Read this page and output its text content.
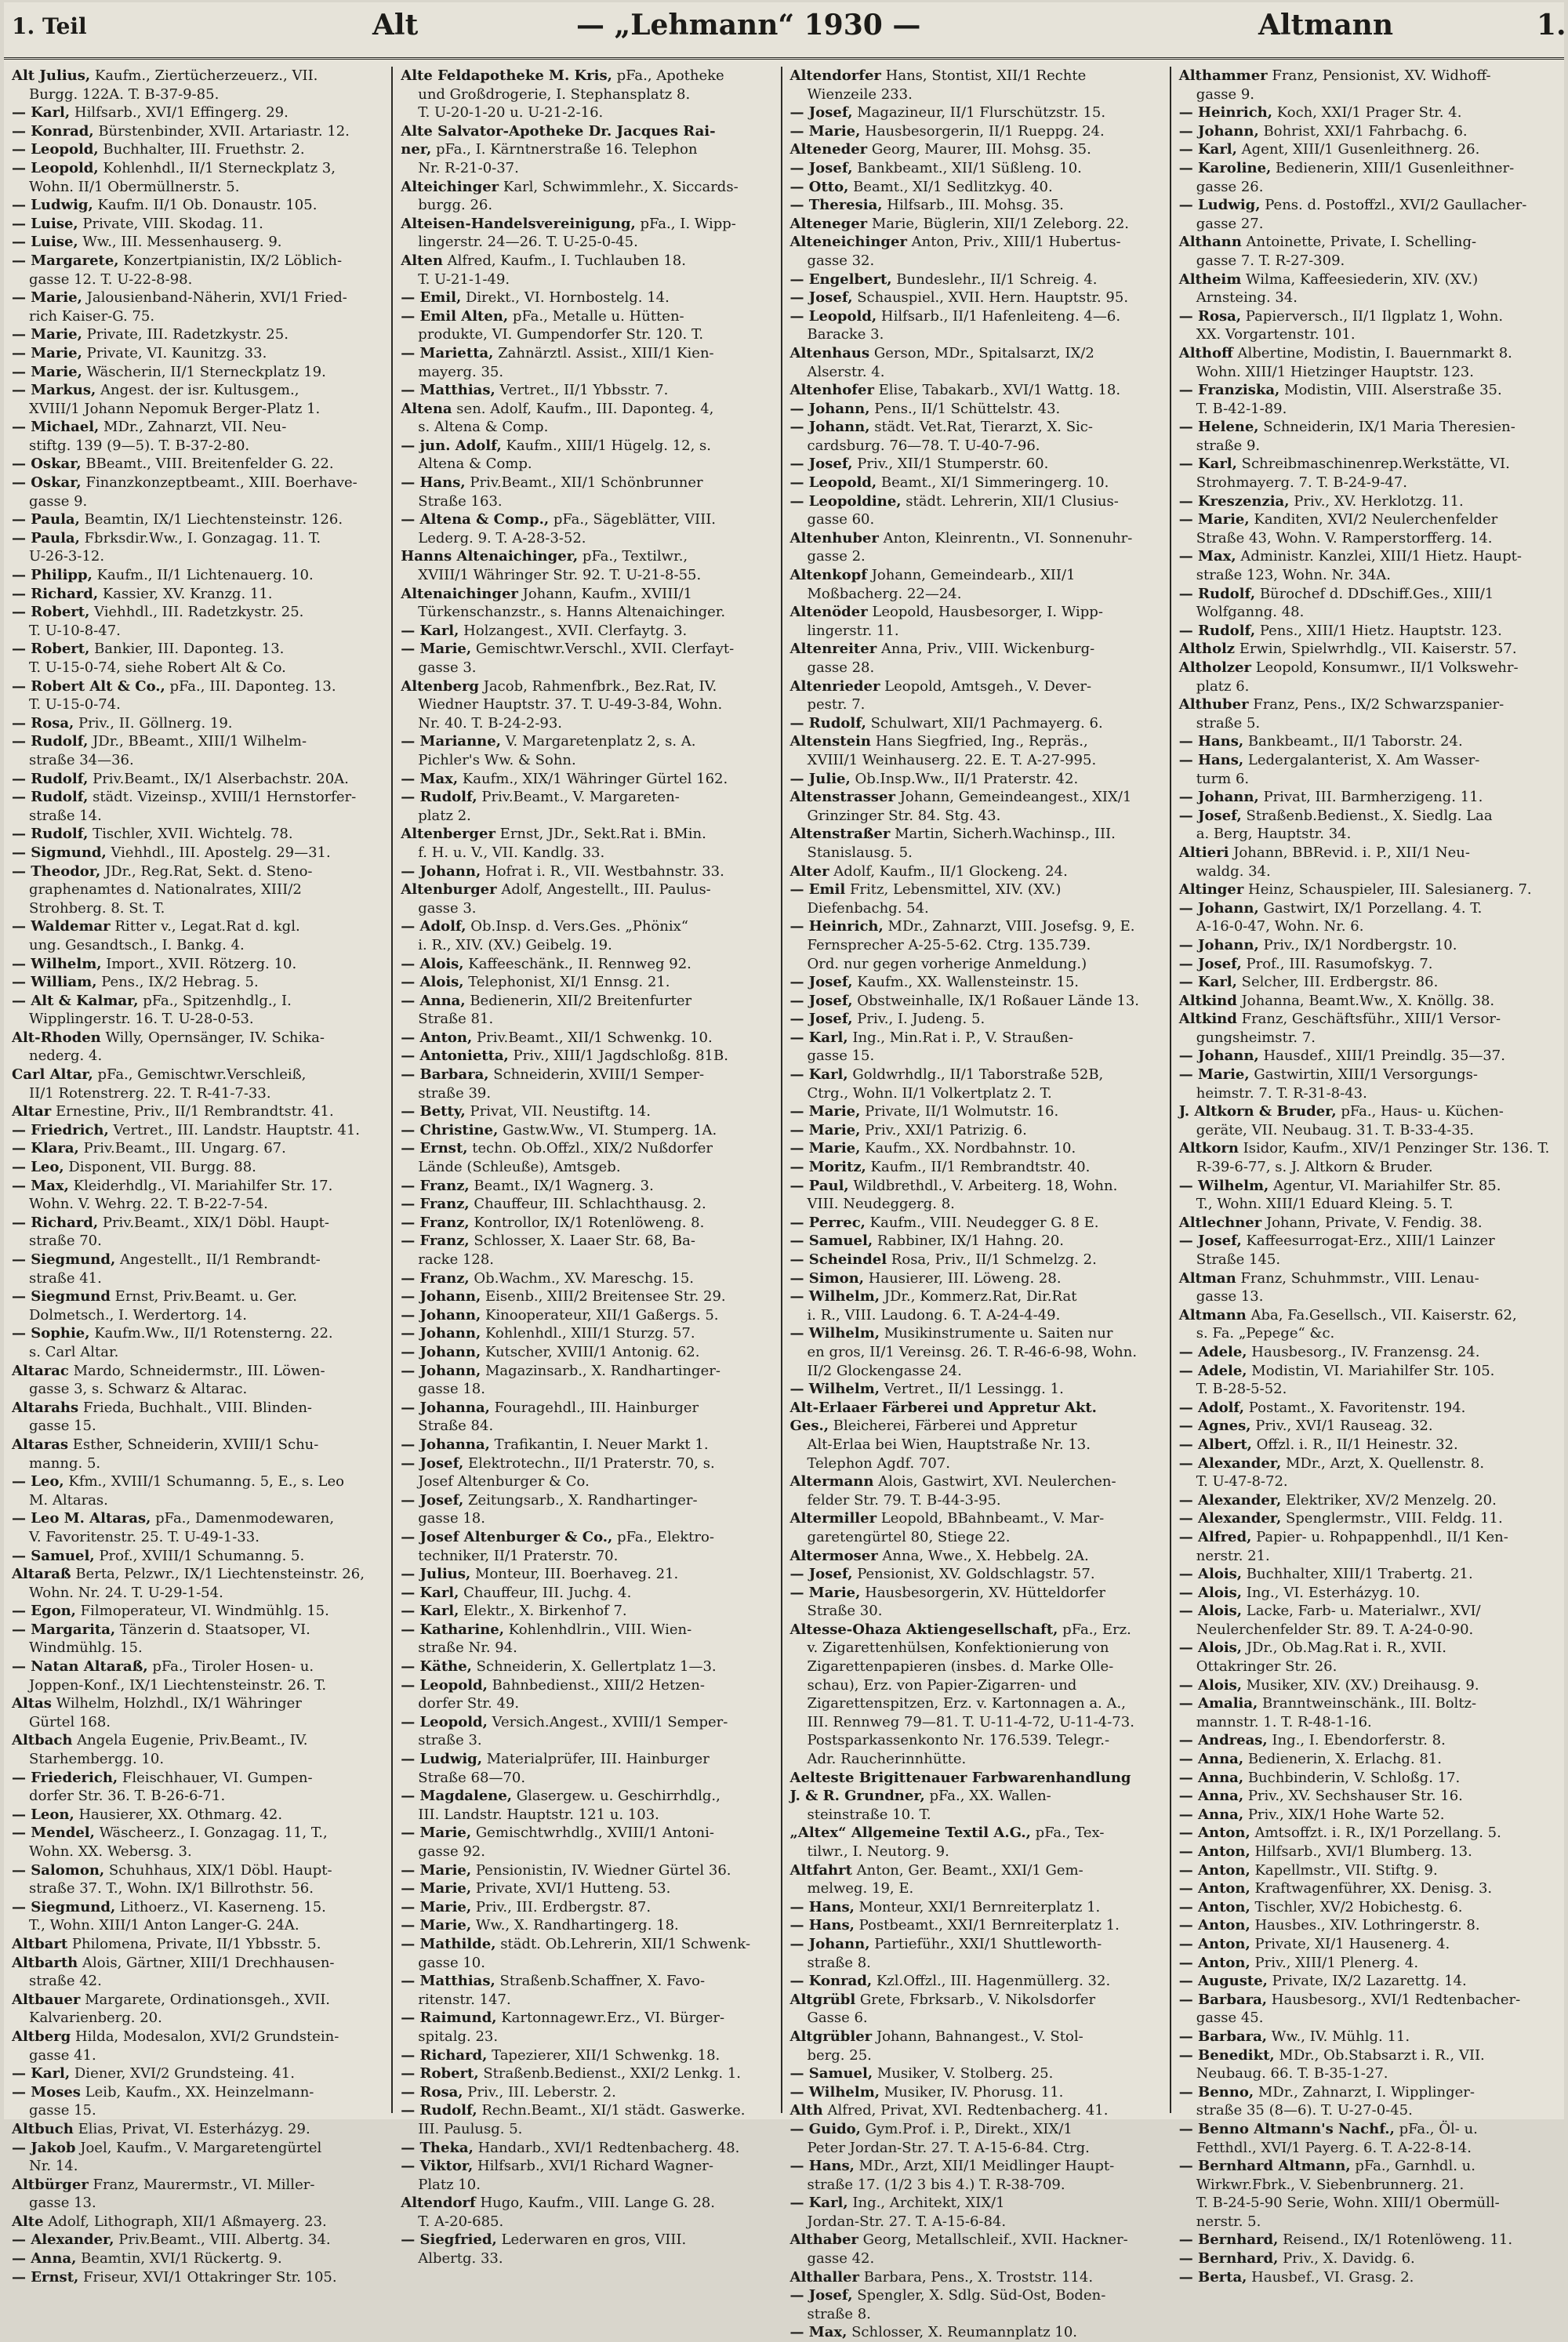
1. Teil	Alt	— „Lehmann“ 1930 —	Altmann	1.
Alt Julius, Kaufm., Ziertücherzeuerz., VII.
Burgg. 122A. T. B-37-9-85.
— Karl, Hilfsarb., XVI/1 Effingerg. 29.
— Konrad, Bürstenbinder, XVII. Artariastr. 12.
— Leopold, Buchhalter, III. Fruethstr. 2.
— Leopold, Kohlenhdl., II/1 Sterneckplatz 3,
Wohn. II/1 Obermüllnerstr. 5.
— Ludwig, Kaufm. II/1 Ob. Donaustr. 105.
— Luise, Private, VIII. Skodag. 11.
— Luise, Ww., III. Messenhauserg. 9.
— Margarete, Konzertpianistin, IX/2 Löblich-
gasse 12. T. U-22-8-98.
— Marie, Jalousienband-Näherin, XVI/1 Fried-
rich Kaiser-G. 75.
— Marie, Private, III. Radetzkystr. 25.
— Marie, Private, VI. Kaunitzg. 33.
— Marie, Wäscherin, II/1 Sterneckplatz 19.
— Markus, Angest. der isr. Kultusgem.,
XVIII/1 Johann Nepomuk Berger-Platz 1.
— Michael, MDr., Zahnarzt, VII. Neu-
stiftg. 139 (9—5). T. B-37-2-80.
— Oskar, BBeamt., VIII. Breitenfelder G. 22.
— Oskar, Finanzkonzeptbeamt., XIII. Boerhave-
gasse 9.
— Paula, Beamtin, IX/1 Liechtensteinstr. 126.
— Paula, Fbrksdir.Ww., I. Gonzagag. 11. T.
U-26-3-12.
— Philipp, Kaufm., II/1 Lichtenauerg. 10.
— Richard, Kassier, XV. Kranzg. 11.
— Robert, Viehhdl., III. Radetzkystr. 25.
T. U-10-8-47.
— Robert, Bankier, III. Daponteg. 13.
T. U-15-0-74, siehe Robert Alt & Co.
— Robert Alt & Co., pFa., III. Daponteg. 13.
T. U-15-0-74.
— Rosa, Priv., II. Göllnerg. 19.
— Rudolf, JDr., BBeamt., XIII/1 Wilhelm-
straße 34—36.
— Rudolf, Priv.Beamt., IX/1 Alserbachstr. 20A.
— Rudolf, städt. Vizeinsp., XVIII/1 Hernstorfer-
straße 14.
— Rudolf, Tischler, XVII. Wichtelg. 78.
— Sigmund, Viehhdl., III. Apostelg. 29—31.
— Theodor, JDr., Reg.Rat, Sekt. d. Steno-
graphenamtes d. Nationalrates, XIII/2
Strohberg. 8. St. T.
— Waldemar Ritter v., Legat.Rat d. kgl.
ung. Gesandtsch., I. Bankg. 4.
— Wilhelm, Import., XVII. Rötzerg. 10.
— William, Pens., IX/2 Hebrag. 5.
— Alt & Kalmar, pFa., Spitzenhdlg., I.
Wipplingerstr. 16. T. U-28-0-53.
Alt-Rhoden Willy, Opernsänger, IV. Schika-
nederg. 4.
Carl Altar, pFa., Gemischtwr.Verschleiß,
II/1 Rotenstrerg. 22. T. R-41-7-33.
Altar Ernestine, Priv., II/1 Rembrandtstr. 41.
— Friedrich, Vertret., III. Landstr. Hauptstr. 41.
— Klara, Priv.Beamt., III. Ungarg. 67.
— Leo, Disponent, VII. Burgg. 88.
— Max, Kleiderhdlg., VI. Mariahilfer Str. 17.
Wohn. V. Wehrg. 22. T. B-22-7-54.
— Richard, Priv.Beamt., XIX/1 Döbl. Haupt-
straße 70.
— Siegmund, Angestellt., II/1 Rembrandt-
straße 41.
— Siegmund Ernst, Priv.Beamt. u. Ger.
Dolmetsch., I. Werdertorg. 14.
— Sophie, Kaufm.Ww., II/1 Rotensterng. 22.
s. Carl Altar.
Altarac Mardo, Schneidermstr., III. Löwen-
gasse 3, s. Schwarz & Altarac.
Altarahs Frieda, Buchhalt., VIII. Blinden-
gasse 15.
Altaras Esther, Schneiderin, XVIII/1 Schu-
manng. 5.
— Leo, Kfm., XVIII/1 Schumanng. 5, E., s. Leo
M. Altaras.
— Leo M. Altaras, pFa., Damenmodewaren,
V. Favoritenstr. 25. T. U-49-1-33.
— Samuel, Prof., XVIII/1 Schumanng. 5.
Altaraß Berta, Pelzwr., IX/1 Liechtensteinstr. 26,
Wohn. Nr. 24. T. U-29-1-54.
— Egon, Filmoperateur, VI. Windmühlg. 15.
— Margarita, Tänzerin d. Staatsoper, VI.
Windmühlg. 15.
— Natan Altaraß, pFa., Tiroler Hosen- u.
Joppen-Konf., IX/1 Liechtensteinstr. 26. T.
Altas Wilhelm, Holzhdl., IX/1 Währinger
Gürtel 168.
Altbach Angela Eugenie, Priv.Beamt., IV.
Starhembergg. 10.
— Friederich, Fleischhauer, VI. Gumpen-
dorfer Str. 36. T. B-26-6-71.
— Leon, Hausierer, XX. Othmarg. 42.
— Mendel, Wäscheerz., I. Gonzagag. 11, T.,
Wohn. XX. Webersg. 3.
— Salomon, Schuhhaus, XIX/1 Döbl. Haupt-
straße 37. T., Wohn. IX/1 Billrothstr. 56.
— Siegmund, Lithoerz., VI. Kaserneng. 15.
T., Wohn. XIII/1 Anton Langer-G. 24A.
Altbart Philomena, Private, II/1 Ybbsstr. 5.
Altbarth Alois, Gärtner, XIII/1 Drechhausen-
straße 42.
Altbauer Margarete, Ordinationsgeh., XVII.
Kalvarienberg. 20.
Altberg Hilda, Modesalon, XVI/2 Grundstein-
gasse 41.
— Karl, Diener, XVI/2 Grundsteing. 41.
— Moses Leib, Kaufm., XX. Heinzelmann-
gasse 15.
Altbuch Elias, Privat, VI. Esterházyg. 29.
— Jakob Joel, Kaufm., V. Margaretengürtel
Nr. 14.
Altbürger Franz, Maurermstr., VI. Miller-
gasse 13.
Alte Adolf, Lithograph, XII/1 Aßmayerg. 23.
— Alexander, Priv.Beamt., VIII. Albertg. 34.
— Anna, Beamtin, XVI/1 Rückertg. 9.
— Ernst, Friseur, XVI/1 Ottakringer Str. 105.
Alte Feldapotheke M. Kris, pFa., Apotheke
und Großdrogerie, I. Stephansplatz 8.
T. U-20-1-20 u. U-21-2-16.
Alte Salvator-Apotheke Dr. Jacques Rai-
ner, pFa., I. Kärntnerstraße 16. Telephon
Nr. R-21-0-37.
Alteichinger Karl, Schwimmlehr., X. Siccards-
burgg. 26.
Alteisen-Handelsvereinigung, pFa., I. Wipp-
lingerstr. 24—26. T. U-25-0-45.
Alten Alfred, Kaufm., I. Tuchlauben 18.
T. U-21-1-49.
— Emil, Direkt., VI. Hornbostelg. 14.
— Emil Alten, pFa., Metalle u. Hütten-
produkte, VI. Gumpendorfer Str. 120. T.
— Marietta, Zahnärztl. Assist., XIII/1 Kien-
mayerg. 35.
— Matthias, Vertret., II/1 Ybbsstr. 7.
Altena sen. Adolf, Kaufm., III. Daponteg. 4,
s. Altena & Comp.
— jun. Adolf, Kaufm., XIII/1 Hügelg. 12, s.
Altena & Comp.
— Hans, Priv.Beamt., XII/1 Schönbrunner
Straße 163.
— Altena & Comp., pFa., Sägeblätter, VIII.
Lederg. 9. T. A-28-3-52.
Hanns Altenaichinger, pFa., Textilwr.,
XVIII/1 Währinger Str. 92. T. U-21-8-55.
Altenaichinger Johann, Kaufm., XVIII/1
Türkenschanzstr., s. Hanns Altenaichinger.
— Karl, Holzangest., XVII. Clerfaytg. 3.
— Marie, Gemischtwr.Verschl., XVII. Clerfayt-
gasse 3.
Altenberg Jacob, Rahmenfbrk., Bez.Rat, IV.
Wiedner Hauptstr. 37. T. U-49-3-84, Wohn.
Nr. 40. T. B-24-2-93.
— Marianne, V. Margaretenplatz 2, s. A.
Pichler's Ww. & Sohn.
— Max, Kaufm., XIX/1 Währinger Gürtel 162.
— Rudolf, Priv.Beamt., V. Margareten-
platz 2.
Altenberger Ernst, JDr., Sekt.Rat i. BMin.
f. H. u. V., VII. Kandlg. 33.
— Johann, Hofrat i. R., VII. Westbahnstr. 33.
Altenburger Adolf, Angestellt., III. Paulus-
gasse 3.
— Adolf, Ob.Insp. d. Vers.Ges. „Phönix“
i. R., XIV. (XV.) Geibelg. 19.
— Alois, Kaffeeschänk., II. Rennweg 92.
— Alois, Telephonist, XI/1 Ennsg. 21.
— Anna, Bedienerin, XII/2 Breitenfurter
Straße 81.
— Anton, Priv.Beamt., XII/1 Schwenkg. 10.
— Antonietta, Priv., XIII/1 Jagdschloßg. 81B.
— Barbara, Schneiderin, XVIII/1 Semper-
straße 39.
— Betty, Privat, VII. Neustiftg. 14.
— Christine, Gastw.Ww., VI. Stumperg. 1A.
— Ernst, techn. Ob.Offzl., XIX/2 Nußdorfer
Lände (Schleuße), Amtsgeb.
— Franz, Beamt., IX/1 Wagnerg. 3.
— Franz, Chauffeur, III. Schlachthausg. 2.
— Franz, Kontrollor, IX/1 Rotenlöweng. 8.
— Franz, Schlosser, X. Laaer Str. 68, Ba-
racke 128.
— Franz, Ob.Wachm., XV. Mareschg. 15.
— Johann, Eisenb., XIII/2 Breitensee Str. 29.
— Johann, Kinooperateur, XII/1 Gaßergs. 5.
— Johann, Kohlenhdl., XIII/1 Sturzg. 57.
— Johann, Kutscher, XVIII/1 Antonig. 62.
— Johann, Magazinsarb., X. Randhartinger-
gasse 18.
— Johanna, Fouragehdl., III. Hainburger
Straße 84.
— Johanna, Trafikantin, I. Neuer Markt 1.
— Josef, Elektrotechn., II/1 Praterstr. 70, s.
Josef Altenburger & Co.
— Josef, Zeitungsarb., X. Randhartinger-
gasse 18.
— Josef Altenburger & Co., pFa., Elektro-
techniker, II/1 Praterstr. 70.
— Julius, Monteur, III. Boerhaveg. 21.
— Karl, Chauffeur, III. Juchg. 4.
— Karl, Elektr., X. Birkenhof 7.
— Katharine, Kohlenhdlrin., VIII. Wien-
straße Nr. 94.
— Käthe, Schneiderin, X. Gellertplatz 1—3.
— Leopold, Bahnbedienst., XIII/2 Hetzen-
dorfer Str. 49.
— Leopold, Versich.Angest., XVIII/1 Semper-
straße 3.
— Ludwig, Materialprüfer, III. Hainburger
Straße 68—70.
— Magdalene, Glasergew. u. Geschirrhdlg.,
III. Landstr. Hauptstr. 121 u. 103.
— Marie, Gemischtwrhdlg., XVIII/1 Antoni-
gasse 92.
— Marie, Pensionistin, IV. Wiedner Gürtel 36.
— Marie, Private, XVI/1 Hutteng. 53.
— Marie, Priv., III. Erdbergstr. 87.
— Marie, Ww., X. Randhartingerg. 18.
— Mathilde, städt. Ob.Lehrerin, XII/1 Schwenk-
gasse 10.
— Matthias, Straßenb.Schaffner, X. Favo-
ritenstr. 147.
— Raimund, Kartonnagewr.Erz., VI. Bürger-
spitalg. 23.
— Richard, Tapezierer, XII/1 Schwenkg. 18.
— Robert, Straßenb.Bedienst., XXI/2 Lenkg. 1.
— Rosa, Priv., III. Leberstr. 2.
— Rudolf, Rechn.Beamt., XI/1 städt. Gaswerke.
III. Paulusg. 5.
— Theka, Handarb., XVI/1 Redtenbacherg. 48.
— Viktor, Hilfsarb., XVI/1 Richard Wagner-
Platz 10.
Altendorf Hugo, Kaufm., VIII. Lange G. 28.
T. A-20-685.
— Siegfried, Lederwaren en gros, VIII.
Albertg. 33.
Altendorfer Hans, Stontist, XII/1 Rechte
Wienzeile 233.
— Josef, Magazineur, II/1 Flurschützstr. 15.
— Marie, Hausbesorgerin, II/1 Rueppg. 24.
Alteneder Georg, Maurer, III. Mohsg. 35.
— Josef, Bankbeamt., XII/1 Süßleng. 10.
— Otto, Beamt., XI/1 Sedlitzkyg. 40.
— Theresia, Hilfsarb., III. Mohsg. 35.
Alteneger Marie, Büglerin, XII/1 Zeleborg. 22.
Alteneichinger Anton, Priv., XIII/1 Hubertus-
gasse 32.
— Engelbert, Bundeslehr., II/1 Schreig. 4.
— Josef, Schauspiel., XVII. Hern. Hauptstr. 95.
— Leopold, Hilfsarb., II/1 Hafenleiteng. 4—6.
Baracke 3.
Altenhaus Gerson, MDr., Spitalsarzt, IX/2
Alserstr. 4.
Altenhofer Elise, Tabakarb., XVI/1 Wattg. 18.
— Johann, Pens., II/1 Schüttelstr. 43.
— Johann, städt. Vet.Rat, Tierarzt, X. Sic-
cardsburg. 76—78. T. U-40-7-96.
— Josef, Priv., XII/1 Stumperstr. 60.
— Leopold, Beamt., XI/1 Simmeringerg. 10.
— Leopoldine, städt. Lehrerin, XII/1 Clusius-
gasse 60.
Altenhuber Anton, Kleinrentn., VI. Sonnenuhr-
gasse 2.
Altenkopf Johann, Gemeindearb., XII/1
Moßbacherg. 22—24.
Altenöder Leopold, Hausbesorger, I. Wipp-
lingerstr. 11.
Altenreiter Anna, Priv., VIII. Wickenburg-
gasse 28.
Altenrieder Leopold, Amtsgeh., V. Dever-
pestr. 7.
— Rudolf, Schulwart, XII/1 Pachmayerg. 6.
Altenstein Hans Siegfried, Ing., Repräs.,
XVIII/1 Weinhauserg. 22. E. T. A-27-995.
— Julie, Ob.Insp.Ww., II/1 Praterstr. 42.
Altenstrasser Johann, Gemeindeangest., XIX/1
Grinzinger Str. 84. Stg. 43.
Altenstraßer Martin, Sicherh.Wachinsp., III.
Stanislausg. 5.
Alter Adolf, Kaufm., II/1 Glockeng. 24.
— Emil Fritz, Lebensmittel, XIV. (XV.)
Diefenbachg. 54.
— Heinrich, MDr., Zahnarzt, VIII. Josefsg. 9, E.
Fernsprecher A-25-5-62. Ctrg. 135.739.
Ord. nur gegen vorherige Anmeldung.)
— Josef, Kaufm., XX. Wallensteinstr. 15.
— Josef, Obstweinhalle, IX/1 Roßauer Lände 13.
— Josef, Priv., I. Judeng. 5.
— Karl, Ing., Min.Rat i. P., V. Straußen-
gasse 15.
— Karl, Goldwrhdlg., II/1 Taborstraße 52B,
Ctrg., Wohn. II/1 Volkertplatz 2. T.
— Marie, Private, II/1 Wolmutstr. 16.
— Marie, Priv., XXI/1 Patrizig. 6.
— Marie, Kaufm., XX. Nordbahnstr. 10.
— Moritz, Kaufm., II/1 Rembrandtstr. 40.
— Paul, Wildbrethdl., V. Arbeiterg. 18, Wohn.
VIII. Neudeggerg. 8.
— Perrec, Kaufm., VIII. Neudegger G. 8 E.
— Samuel, Rabbiner, IX/1 Hahng. 20.
— Scheindel Rosa, Priv., II/1 Schmelzg. 2.
— Simon, Hausierer, III. Löweng. 28.
— Wilhelm, JDr., Kommerz.Rat, Dir.Rat
i. R., VIII. Laudong. 6. T. A-24-4-49.
— Wilhelm, Musikinstrumente u. Saiten nur
en gros, II/1 Vereinsg. 26. T. R-46-6-98, Wohn.
II/2 Glockengasse 24.
— Wilhelm, Vertret., II/1 Lessingg. 1.
Alt-Erlaaer Färberei und Appretur Akt.
Ges., Bleicherei, Färberei und Appretur
Alt-Erlaa bei Wien, Hauptstraße Nr. 13.
Telephon Agdf. 707.
Altermann Alois, Gastwirt, XVI. Neulerchen-
felder Str. 79. T. B-44-3-95.
Altermiller Leopold, BBahnbeamt., V. Mar-
garetengürtel 80, Stiege 22.
Altermoser Anna, Wwe., X. Hebbelg. 2A.
— Josef, Pensionist, XV. Goldschlagstr. 57.
— Marie, Hausbesorgerin, XV. Hütteldorfer
Straße 30.
Altesse-Ohaza Aktiengesellschaft, pFa., Erz.
v. Zigarettenhülsen, Konfektionierung von
Zigarettenpapieren (insbes. d. Marke Olle-
schau), Erz. von Papier-Zigarren- und
Zigarettenspitzen, Erz. v. Kartonnagen a. A.,
III. Rennweg 79—81. T. U-11-4-72, U-11-4-73.
Postsparkassenkonto Nr. 176.539. Telegr.-
Adr. Raucherinnhütte.
Aelteste Brigittenauer Farbwarenhandlung
J. & R. Grundner, pFa., XX. Wallen-
steinstraße 10. T.
„Altex“ Allgemeine Textil A.G., pFa., Tex-
tilwr., I. Neutorg. 9.
Altfahrt Anton, Ger. Beamt., XXI/1 Gem-
melweg. 19, E.
— Hans, Monteur, XXI/1 Bernreiterplatz 1.
— Hans, Postbeamt., XXI/1 Bernreiterplatz 1.
— Johann, Partieführ., XXI/1 Shuttleworth-
straße 8.
— Konrad, Kzl.Offzl., III. Hagenmüllerg. 32.
Altgrübl Grete, Fbrksarb., V. Nikolsdorfer
Gasse 6.
Altgrübler Johann, Bahnangest., V. Stol-
berg. 25.
— Samuel, Musiker, V. Stolberg. 25.
— Wilhelm, Musiker, IV. Phorusg. 11.
Alth Alfred, Privat, XVI. Redtenbacherg. 41.
— Guido, Gym.Prof. i. P., Direkt., XIX/1
Peter Jordan-Str. 27. T. A-15-6-84. Ctrg.
— Hans, MDr., Arzt, XII/1 Meidlinger Haupt-
straße 17. (1/2 3 bis 4.) T. R-38-709.
— Karl, Ing., Architekt, XIX/1
Jordan-Str. 27. T. A-15-6-84.
Althaber Georg, Metallschleif., XVII. Hackner-
gasse 42.
Althaller Barbara, Pens., X. Troststr. 114.
— Josef, Spengler, X. Sdlg. Süd-Ost, Boden-
straße 8.
— Max, Schlosser, X. Reumannplatz 10.
Althammer Franz, Pensionist, XV. Widhoff-
gasse 9.
— Heinrich, Koch, XXI/1 Prager Str. 4.
— Johann, Bohrist, XXI/1 Fahrbachg. 6.
— Karl, Agent, XIII/1 Gusenleithnerg. 26.
— Karoline, Bedienerin, XIII/1 Gusenleithner-
gasse 26.
— Ludwig, Pens. d. Postoffzl., XVI/2 Gaullacher-
gasse 27.
Althann Antoinette, Private, I. Schelling-
gasse 7. T. R-27-309.
Altheim Wilma, Kaffeesiederin, XIV. (XV.)
Arnsteing. 34.
— Rosa, Papierversch., II/1 Ilgplatz 1, Wohn.
XX. Vorgartenstr. 101.
Althoff Albertine, Modistin, I. Bauernmarkt 8.
Wohn. XIII/1 Hietzinger Hauptstr. 123.
— Franziska, Modistin, VIII. Alserstraße 35.
T. B-42-1-89.
— Helene, Schneiderin, IX/1 Maria Theresien-
straße 9.
— Karl, Schreibmaschinenrep.Werkstätte, VI.
Strohmayerg. 7. T. B-24-9-47.
— Kreszenzia, Priv., XV. Herklotzg. 11.
— Marie, Kanditen, XVI/2 Neulerchenfelder
Straße 43, Wohn. V. Ramperstorfferg. 14.
— Max, Administr. Kanzlei, XIII/1 Hietz. Haupt-
straße 123, Wohn. Nr. 34A.
— Rudolf, Bürochef d. DDschiff.Ges., XIII/1
Wolfganng. 48.
— Rudolf, Pens., XIII/1 Hietz. Hauptstr. 123.
Altholz Erwin, Spielwrhdlg., VII. Kaiserstr. 57.
Altholzer Leopold, Konsumwr., II/1 Volkswehr-
platz 6.
Althuber Franz, Pens., IX/2 Schwarzspanier-
straße 5.
— Hans, Bankbeamt., II/1 Taborstr. 24.
— Hans, Ledergalanterist, X. Am Wasser-
turm 6.
— Johann, Privat, III. Barmherzigeng. 11.
— Josef, Straßenb.Bedienst., X. Siedlg. Laa
a. Berg, Hauptstr. 34.
Altieri Johann, BBRevid. i. P., XII/1 Neu-
waldg. 34.
Altinger Heinz, Schauspieler, III. Salesianerg. 7.
— Johann, Gastwirt, IX/1 Porzellang. 4. T.
A-16-0-47, Wohn. Nr. 6.
— Johann, Priv., IX/1 Nordbergstr. 10.
— Josef, Prof., III. Rasumofskyg. 7.
— Karl, Selcher, III. Erdbergstr. 86.
Altkind Johanna, Beamt.Ww., X. Knöllg. 38.
Altkind Franz, Geschäftsführ., XIII/1 Versor-
gungsheimstr. 7.
— Johann, Hausdef., XIII/1 Preindlg. 35—37.
— Marie, Gastwirtin, XIII/1 Versorgungs-
heimstr. 7. T. R-31-8-43.
J. Altkorn & Bruder, pFa., Haus- u. Küchen-
geräte, VII. Neubaug. 31. T. B-33-4-35.
Altkorn Isidor, Kaufm., XIV/1 Penzinger Str. 136. T.
R-39-6-77, s. J. Altkorn & Bruder.
— Wilhelm, Agentur, VI. Mariahilfer Str. 85.
T., Wohn. XIII/1 Eduard Kleing. 5. T.
Altlechner Johann, Private, V. Fendig. 38.
— Josef, Kaffeesurrogat-Erz., XIII/1 Lainzer
Straße 145.
Altman Franz, Schuhmmstr., VIII. Lenau-
gasse 13.
Altmann Aba, Fa.Gesellsch., VII. Kaiserstr. 62,
s. Fa. „Pepege“ &c.
— Adele, Hausbesorg., IV. Franzensg. 24.
— Adele, Modistin, VI. Mariahilfer Str. 105.
T. B-28-5-52.
— Adolf, Postamt., X. Favoritenstr. 194.
— Agnes, Priv., XVI/1 Rauseag. 32.
— Albert, Offzl. i. R., II/1 Heinestr. 32.
— Alexander, MDr., Arzt, X. Quellenstr. 8.
T. U-47-8-72.
— Alexander, Elektriker, XV/2 Menzelg. 20.
— Alexander, Spenglermstr., VIII. Feldg. 11.
— Alfred, Papier- u. Rohpappenhdl., II/1 Ken-
nerstr. 21.
— Alois, Buchhalter, XIII/1 Trabertg. 21.
— Alois, Ing., VI. Esterházyg. 10.
— Alois, Lacke, Farb- u. Materialwr., XVI/
Neulerchenfelder Str. 89. T. A-24-0-90.
— Alois, JDr., Ob.Mag.Rat i. R., XVII.
Ottakringer Str. 26.
— Alois, Musiker, XIV. (XV.) Dreihausg. 9.
— Amalia, Branntweinschänk., III. Boltz-
mannstr. 1. T. R-48-1-16.
— Andreas, Ing., I. Ebendorferstr. 8.
— Anna, Bedienerin, X. Erlachg. 81.
— Anna, Buchbinderin, V. Schloßg. 17.
— Anna, Priv., XV. Sechshauser Str. 16.
— Anna, Priv., XIX/1 Hohe Warte 52.
— Anton, Amtsoffzt. i. R., IX/1 Porzellang. 5.
— Anton, Hilfsarb., XVI/1 Blumberg. 13.
— Anton, Kapellmstr., VII. Stiftg. 9.
— Anton, Kraftwagenführer, XX. Denisg. 3.
— Anton, Tischler, XV/2 Hobichestg. 6.
— Anton, Hausbes., XIV. Lothringerstr. 8.
— Anton, Private, XI/1 Hausenerg. 4.
— Anton, Priv., XIII/1 Plenerg. 4.
— Auguste, Private, IX/2 Lazarettg. 14.
— Barbara, Hausbesorg., XVI/1 Redtenbacher-
gasse 45.
— Barbara, Ww., IV. Mühlg. 11.
— Benedikt, MDr., Ob.Stabsarzt i. R., VII.
Neubaug. 66. T. B-35-1-27.
— Benno, MDr., Zahnarzt, I. Wipplinger-
straße 35 (8—6). T. U-27-0-45.
— Benno Altmann's Nachf., pFa., Öl- u.
Fetthdl., XVI/1 Payerg. 6. T. A-22-8-14.
— Bernhard Altmann, pFa., Garnhdl. u.
Wirkwr.Fbrk., V. Siebenbrunnerg. 21.
T. B-24-5-90 Serie, Wohn. XIII/1 Obermüll-
nerstr. 5.
— Bernhard, Reisend., IX/1 Rotenlöweng. 11.
— Bernhard, Priv., X. Davidg. 6.
— Berta, Hausbef., VI. Grasg. 2.
